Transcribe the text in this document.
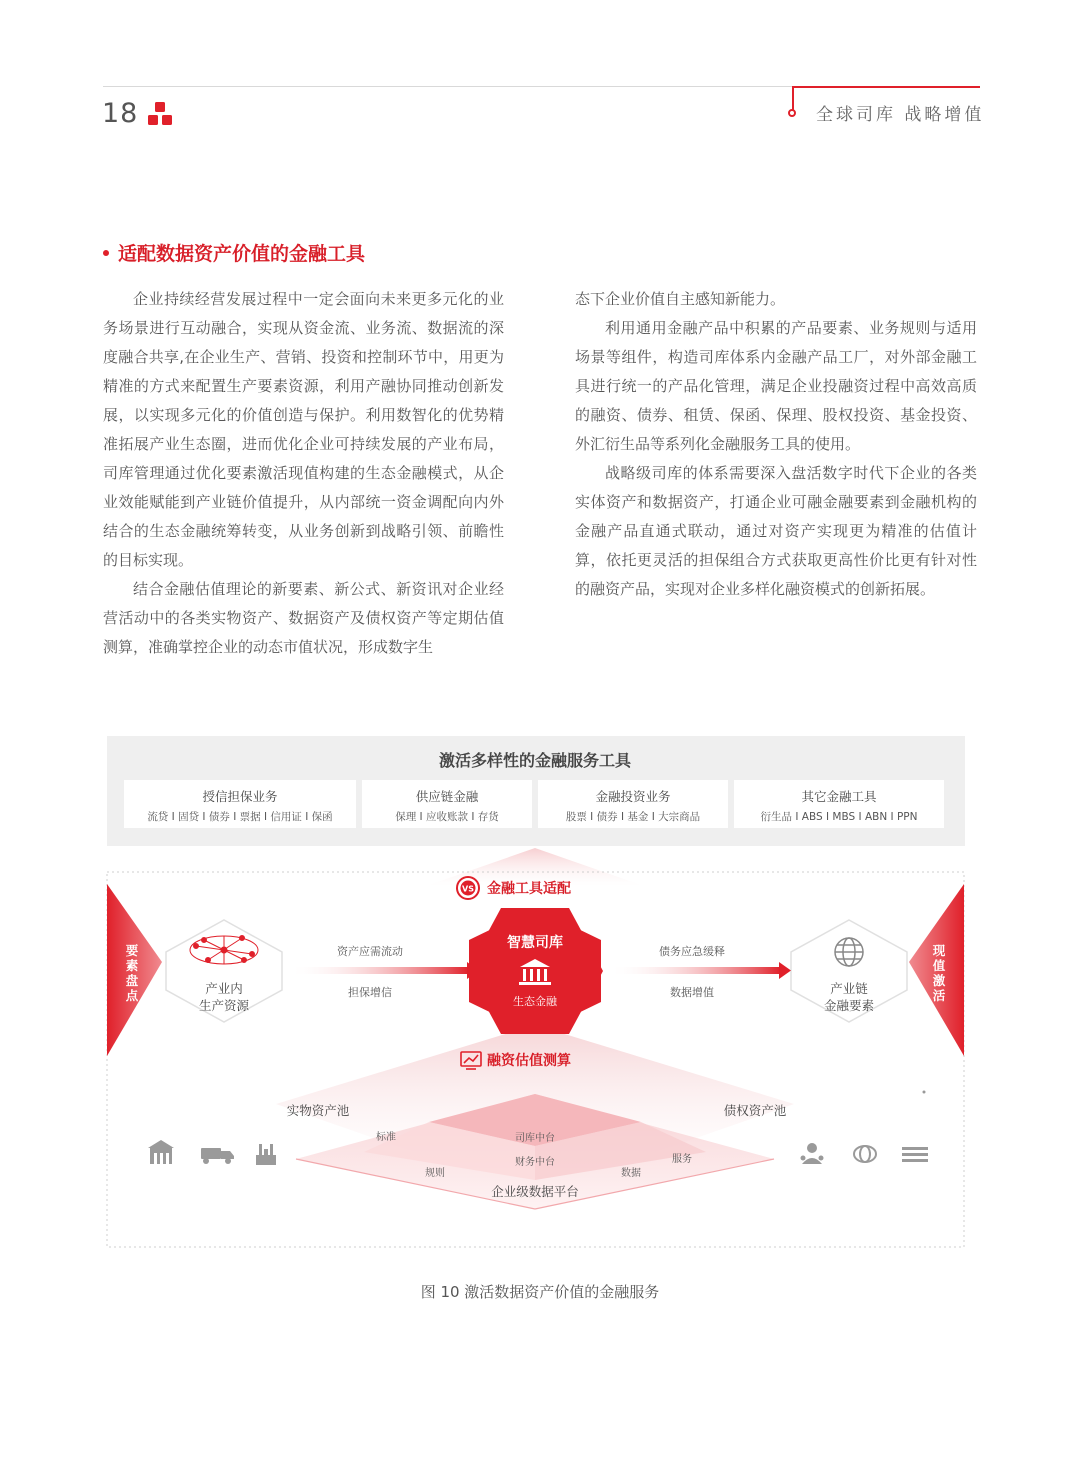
18	全球司库 战略增值
适配数据资产价值的金融工具

企业持续经营发展过程中一定会面向未来更多元化的业务场景进行互动融合，实现从资金流、业务流、数据流的深度融合共享,在企业生产、营销、投资和控制环节中，用更为精准的方式来配置生产要素资源，利用产融协同推动创新发展，以实现多元化的价值创造与保护。利用数智化的优势精准拓展产业生态圈，进而优化企业可持续发展的产业布局，司库管理通过优化要素激活现值构建的生态金融模式，从企业效能赋能到产业链价值提升，从内部统一资金调配向内外结合的生态金融统筹转变，从业务创新到战略引领、前瞻性的目标实现。

结合金融估值理论的新要素、新公式、新资讯对企业经营活动中的各类实物资产、数据资产及债权资产等定期估值测算，准确掌控企业的动态市值状况，形成数字生

态下企业价值自主感知新能力。

利用通用金融产品中积累的产品要素、业务规则与适用场景等组件，构造司库体系内金融产品工厂，对外部金融工具进行统一的产品化管理，满足企业投融资过程中高效高质的融资、债券、租赁、保函、保理、股权投资、基金投资、外汇衍生品等系列化金融服务工具的使用。

战略级司库的体系需要深入盘活数字时代下企业的各类实体资产和数据资产，打通企业可融金融要素到金融机构的金融产品直通式联动，通过对资产实现更为精准的估值计算，依托更灵活的担保组合方式获取更高性价比更有针对性的融资产品，实现对企业多样化融资模式的创新拓展。

激活多样性的金融服务工具
授信担保业务
流贷 I 固贷 I 债券 I 票据 I 信用证 I 保函
供应链金融
保理 I 应收账款 I 存货
金融投资业务
股票 I 债券 I 基金 I 大宗商品
其它金融工具
衍生品 I ABS I MBS I ABN I PPN
VS 金融工具适配
要
素
盘
点
现
值
激
活
产业内
生产资源
产业链
金融要素
资产应需流动
担保增信
债务应急缓释
数据增值
智慧司库
生态金融
融资估值测算
实物资产池	债权资产池
标准	司库中台
财务中台
规则	数据
服务
企业级数据平台
图 10 激活数据资产价值的金融服务
